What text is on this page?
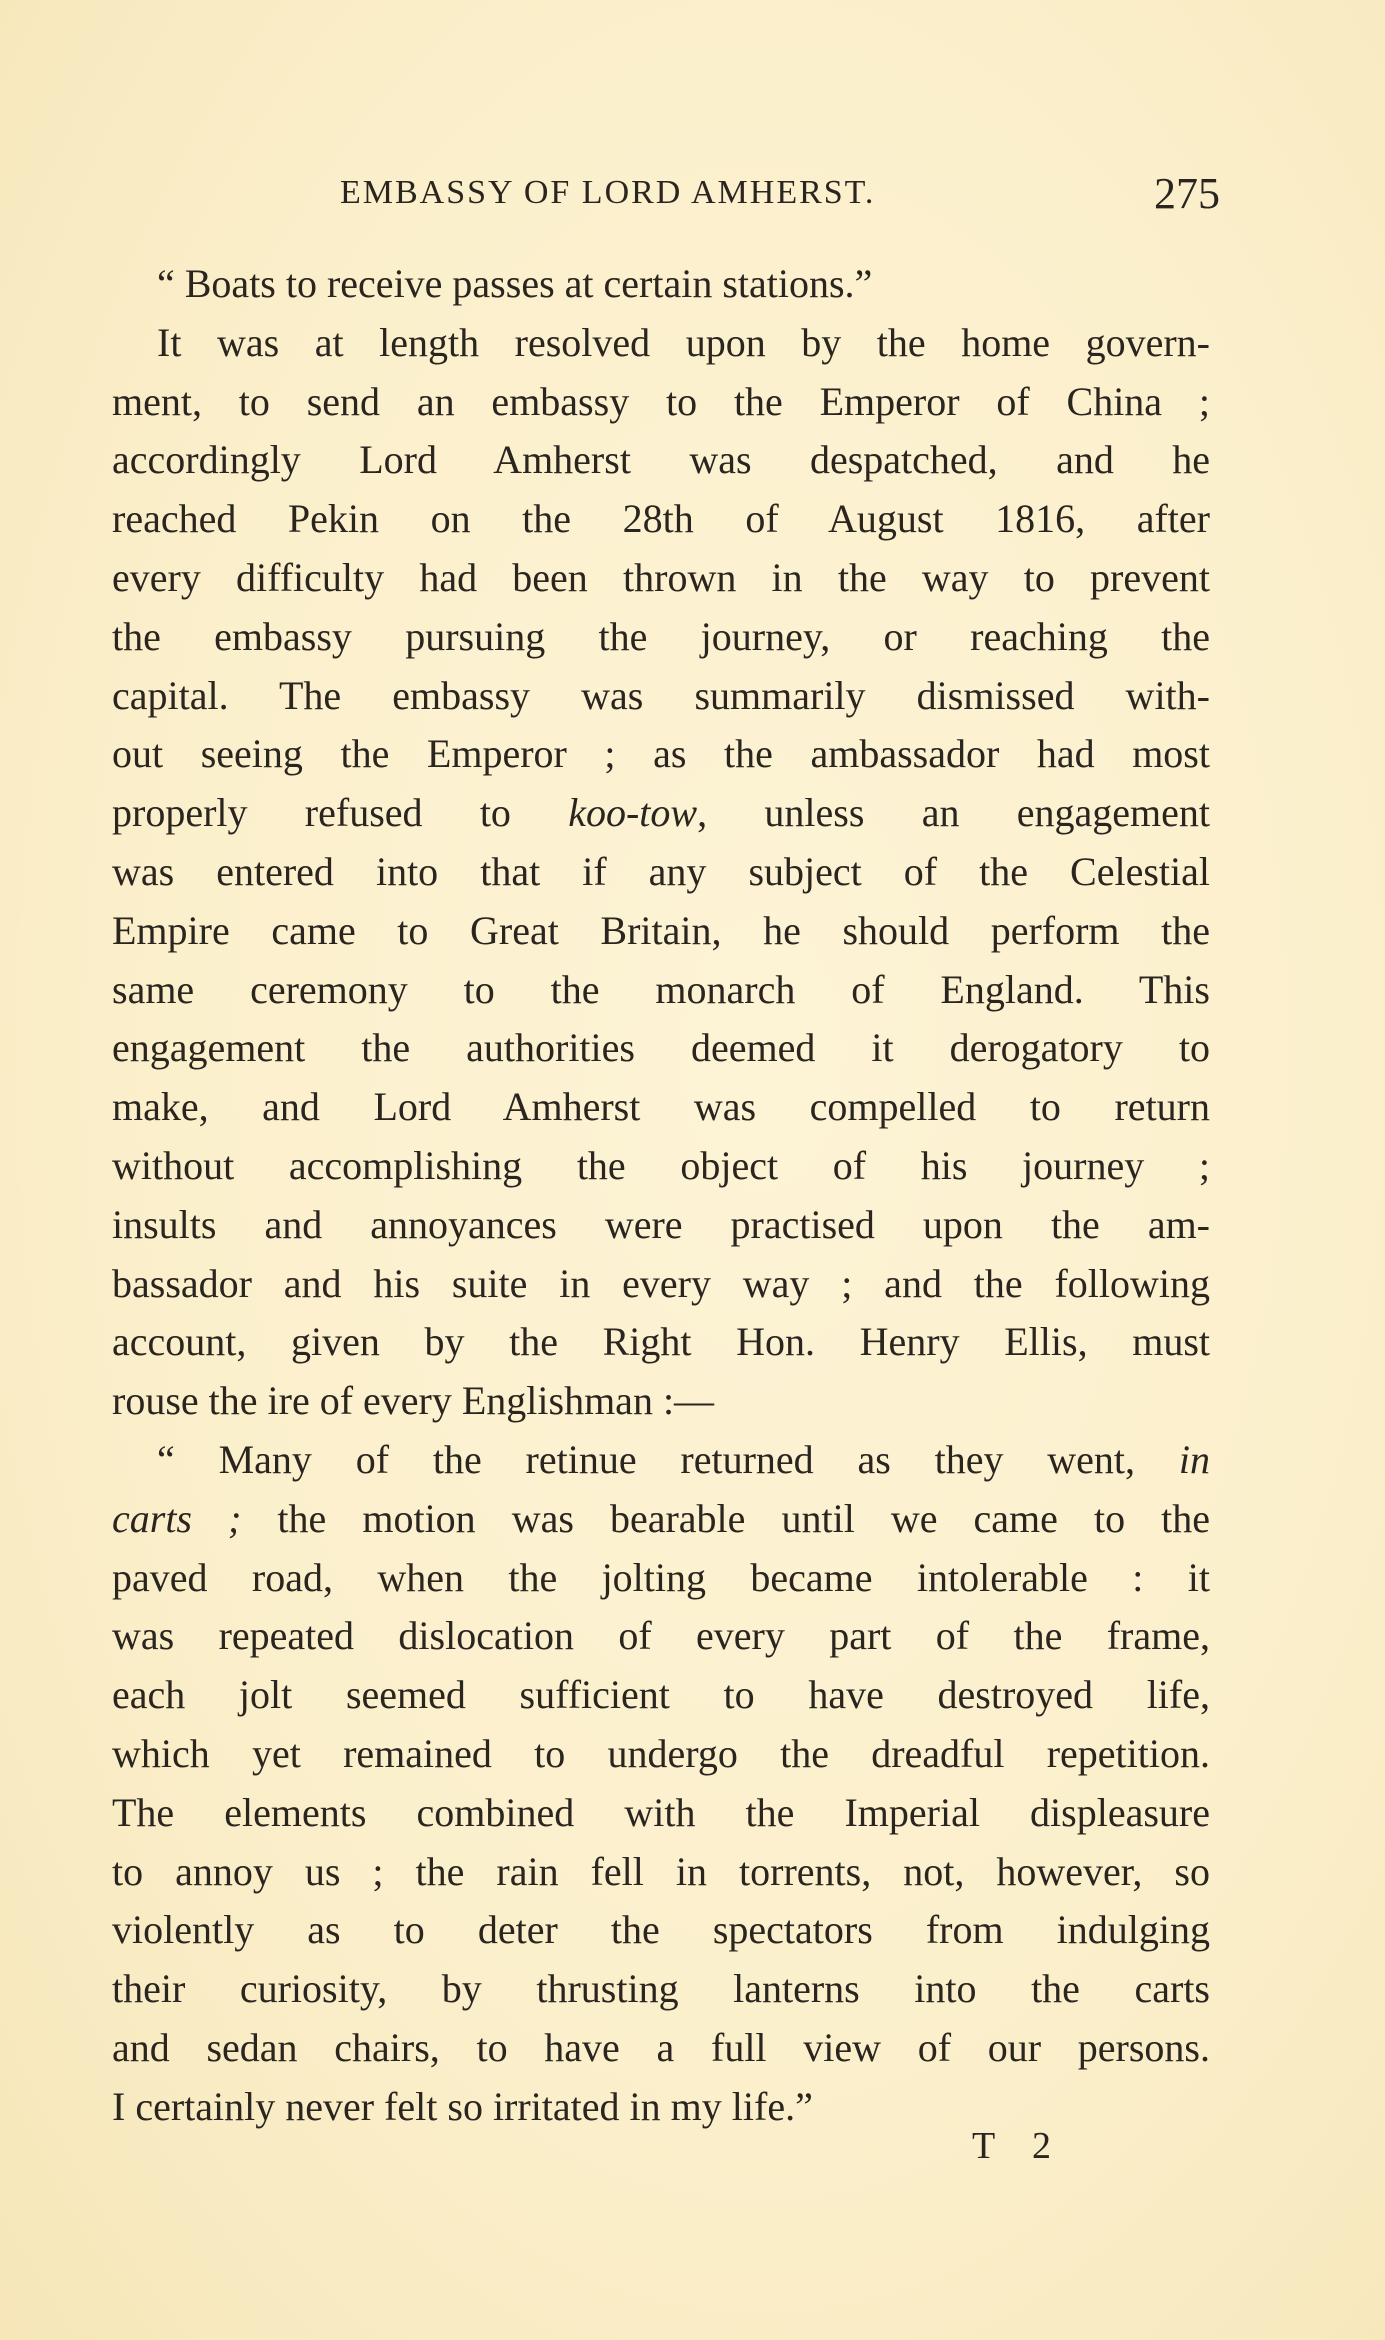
EMBASSY OF LORD AMHERST.	275
“ Boats to receive passes at certain stations.”
It was at length resolved upon by the home govern-
ment, to send an embassy to the Emperor of China ;
accordingly Lord Amherst was despatched, and he
reached Pekin on the 28th of August 1816, after
every difficulty had been thrown in the way to prevent
the embassy pursuing the journey, or reaching the
capital. The embassy was summarily dismissed with-
out seeing the Emperor ; as the ambassador had most
properly refused to koo-tow, unless an engagement
was entered into that if any subject of the Celestial
Empire came to Great Britain, he should perform the
same ceremony to the monarch of England. This
engagement the authorities deemed it derogatory to
make, and Lord Amherst was compelled to return
without accomplishing the object of his journey ;
insults and annoyances were practised upon the am-
bassador and his suite in every way ; and the following
account, given by the Right Hon. Henry Ellis, must
rouse the ire of every Englishman :—
“ Many of the retinue returned as they went, in
carts ; the motion was bearable until we came to the
paved road, when the jolting became intolerable : it
was repeated dislocation of every part of the frame,
each jolt seemed sufficient to have destroyed life,
which yet remained to undergo the dreadful repetition.
The elements combined with the Imperial displeasure
to annoy us ; the rain fell in torrents, not, however, so
violently as to deter the spectators from indulging
their curiosity, by thrusting lanterns into the carts
and sedan chairs, to have a full view of our persons.
I certainly never felt so irritated in my life.”
T 2
